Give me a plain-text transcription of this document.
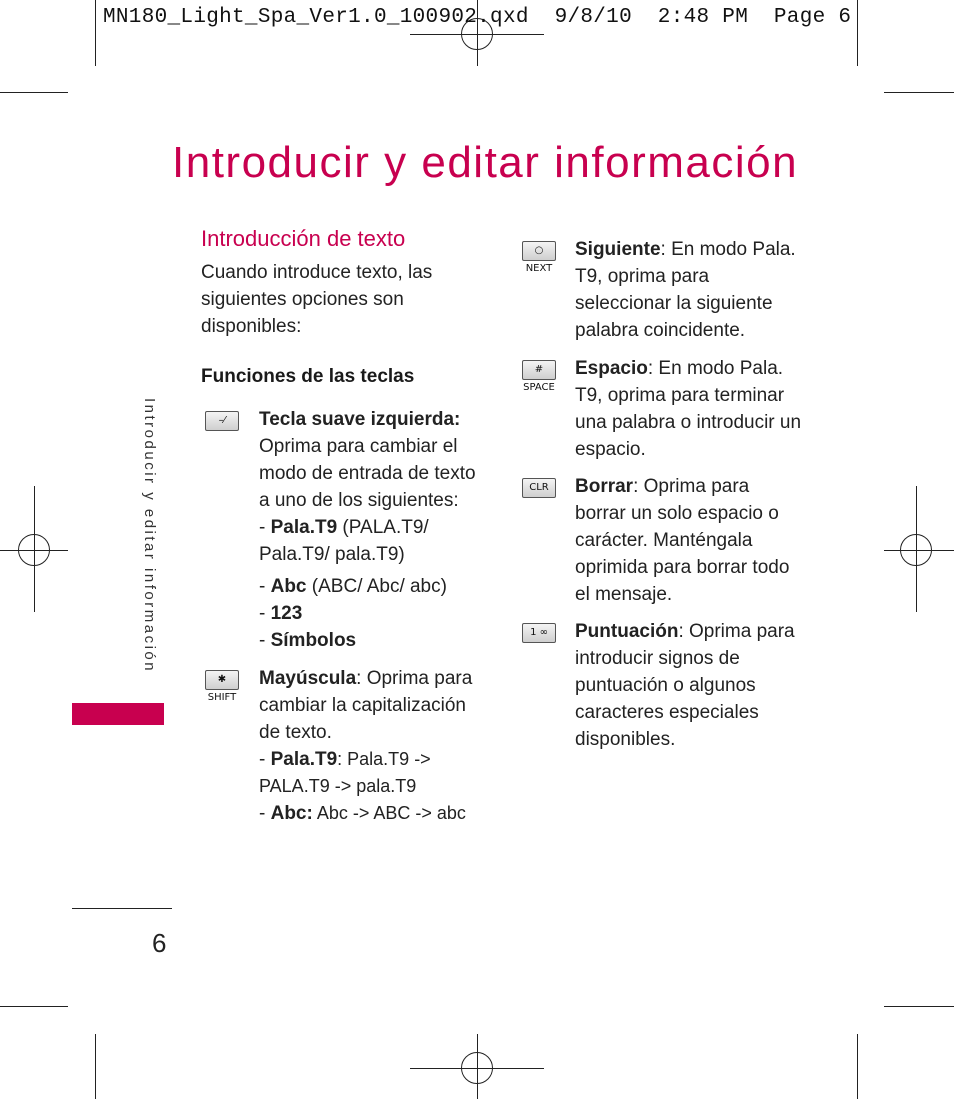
MN180_Light_Spa_Ver1.0_100902.qxd  9/8/10  2:48 PM  Page 6
Introducir y editar información
Introducción de texto
Cuando introduce texto, las siguientes opciones son disponibles:
Funciones de las teclas
–⁄	Tecla suave izquierda:
Oprima para cambiar el modo de entrada de texto a uno de los siguientes:
- Pala.T9 (PALA.T9/ Pala.T9/ pala.T9)
- Abc (ABC/ Abc/ abc)
- 123
- Símbolos
✱ SHIFT
Mayúscula: Oprima para cambiar la capitalización de texto.
- Pala.T9: Pala.T9 -> PALA.T9 -> pala.T9
- Abc: Abc -> ABC -> abc
○ NEXT
Siguiente: En modo Pala. T9, oprima para seleccionar la siguiente palabra coincidente.
# SPACE
Espacio: En modo Pala. T9, oprima para terminar una palabra o introducir un espacio.
CLR	Borrar: Oprima para borrar un solo espacio o carácter. Manténgala oprimida para borrar todo el mensaje.
1 ∞	Puntuación: Oprima para introducir signos de puntuación o algunos caracteres especiales disponibles.
Introducir y editar información
6
